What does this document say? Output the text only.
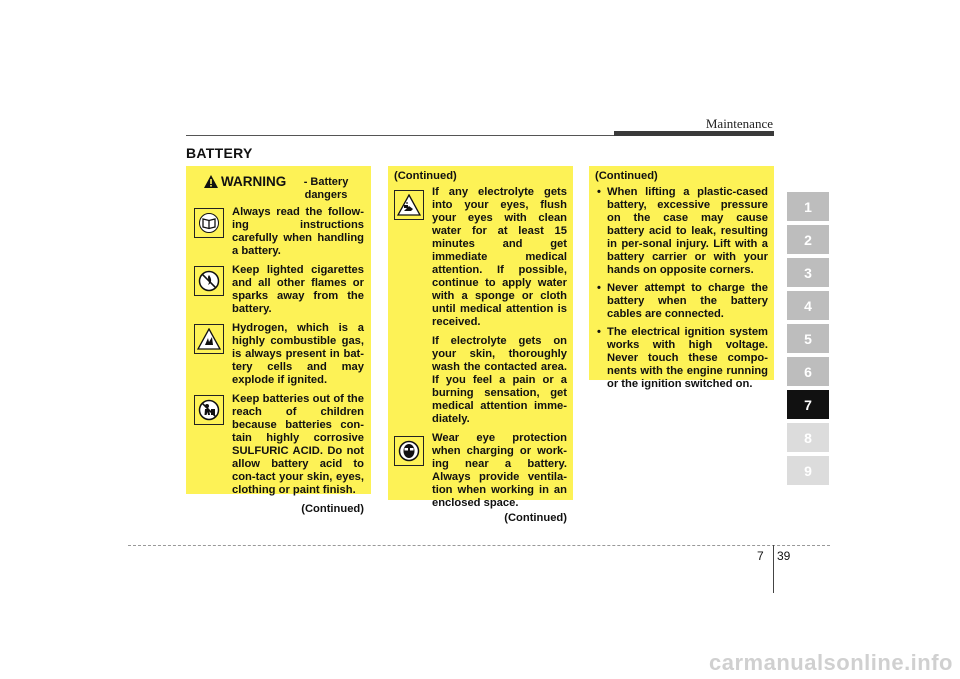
Maintenance
BATTERY
WARNING	- Battery dangers
Always read the follow-ing instructions carefully when handling a battery.
Keep lighted cigarettes and all other flames or sparks away from the battery.
Hydrogen, which is a highly combustible gas, is always present in bat-tery cells and may explode if ignited.
Keep batteries out of the reach of children because batteries con-tain highly corrosive SULFURIC ACID. Do not allow battery acid to con-tact your skin, eyes, clothing or paint finish.
(Continued)
(Continued)
If any electrolyte gets into your eyes, flush your eyes with clean water for at least 15 minutes and get immediate medical attention. If possible, continue to apply water with a sponge or cloth until medical attention is received.
If electrolyte gets on your skin, thoroughly wash the contacted area. If you feel a pain or a burning sensation, get medical attention imme-diately.
Wear eye protection when charging or work-ing near a battery. Always provide ventila-tion when working in an enclosed space.
(Continued)
(Continued)
• When lifting a plastic-cased battery, excessive pressure on the case may cause battery acid to leak, resulting in per-sonal injury. Lift with a battery carrier or with your hands on opposite corners.
• Never attempt to charge the battery when the battery cables are connected.
• The electrical ignition system works with high voltage. Never touch these compo-nents with the engine running or the ignition switched on.
1
2
3
4
5
6
7
8
9
7 39
carmanualsonline.info
